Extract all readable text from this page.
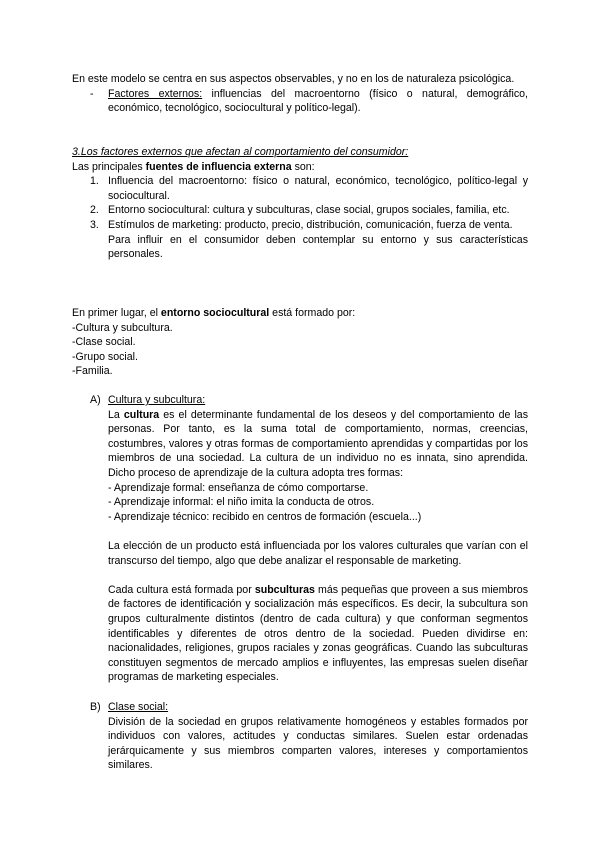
En este modelo se centra en sus aspectos observables, y no en los de naturaleza psicológica.

- Factores externos: influencias del macroentorno (físico o natural, demográfico, económico, tecnológico, sociocultural y político-legal).

3.Los factores externos que afectan al comportamiento del consumidor:

Las principales fuentes de influencia externa son:

1. Influencia del macroentorno: físico o natural, económico, tecnológico, político-legal y sociocultural.

2. Entorno sociocultural: cultura y subculturas, clase social, grupos sociales, familia, etc.

3. Estímulos de marketing: producto, precio, distribución, comunicación, fuerza de venta.

Para influir en el consumidor deben contemplar su entorno y sus características personales.

En primer lugar, el entorno sociocultural está formado por:

-Cultura y subcultura.

-Clase social.

-Grupo social.

-Familia.

A) Cultura y subcultura:

La cultura es el determinante fundamental de los deseos y del comportamiento de las personas. Por tanto, es la suma total de comportamiento, normas, creencias, costumbres, valores y otras formas de comportamiento aprendidas y compartidas por los miembros de una sociedad. La cultura de un individuo no es innata, sino aprendida. Dicho proceso de aprendizaje de la cultura adopta tres formas:

- Aprendizaje formal: enseñanza de cómo comportarse.

- Aprendizaje informal: el niño imita la conducta de otros.

- Aprendizaje técnico: recibido en centros de formación (escuela...)

La elección de un producto está influenciada por los valores culturales que varían con el transcurso del tiempo, algo que debe analizar el responsable de marketing.

Cada cultura está formada por subculturas más pequeñas que proveen a sus miembros de factores de identificación y socialización más específicos. Es decir, la subcultura son grupos culturalmente distintos (dentro de cada cultura) y que conforman segmentos identificables y diferentes de otros dentro de la sociedad. Pueden dividirse en: nacionalidades, religiones, grupos raciales y zonas geográficas. Cuando las subculturas constituyen segmentos de mercado amplios e influyentes, las empresas suelen diseñar programas de marketing especiales.

B) Clase social:

División de la sociedad en grupos relativamente homogéneos y estables formados por individuos con valores, actitudes y conductas similares. Suelen estar ordenadas jerárquicamente y sus miembros comparten valores, intereses y comportamientos similares.
